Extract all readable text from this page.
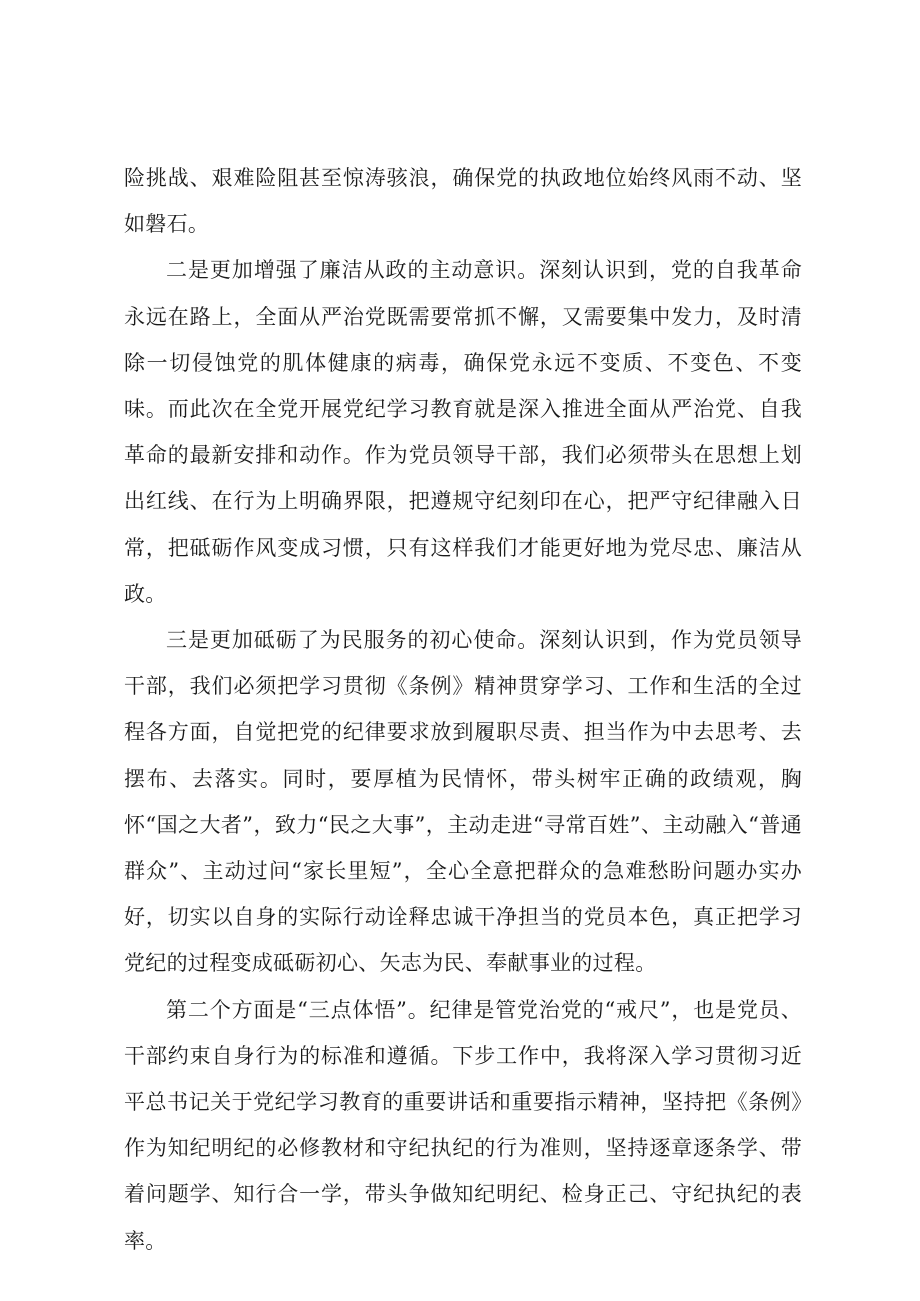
险挑战、艰难险阻甚至惊涛骇浪，确保党的执政地位始终风雨不动、坚如磐石。

二是更加增强了廉洁从政的主动意识。深刻认识到，党的自我革命永远在路上，全面从严治党既需要常抓不懈，又需要集中发力，及时清除一切侵蚀党的肌体健康的病毒，确保党永远不变质、不变色、不变味。而此次在全党开展党纪学习教育就是深入推进全面从严治党、自我革命的最新安排和动作。作为党员领导干部，我们必须带头在思想上划出红线、在行为上明确界限，把遵规守纪刻印在心，把严守纪律融入日常，把砥砺作风变成习惯，只有这样我们才能更好地为党尽忠、廉洁从政。

三是更加砥砺了为民服务的初心使命。深刻认识到，作为党员领导干部，我们必须把学习贯彻《条例》精神贯穿学习、工作和生活的全过程各方面，自觉把党的纪律要求放到履职尽责、担当作为中去思考、去摆布、去落实。同时，要厚植为民情怀，带头树牢正确的政绩观，胸怀“国之大者”，致力“民之大事”，主动走进“寻常百姓”、主动融入“普通群众”、主动过问“家长里短”，全心全意把群众的急难愁盼问题办实办好，切实以自身的实际行动诠释忠诚干净担当的党员本色，真正把学习党纪的过程变成砥砺初心、矢志为民、奉献事业的过程。

第二个方面是“三点体悟”。纪律是管党治党的“戒尺”，也是党员、干部约束自身行为的标准和遵循。下步工作中，我将深入学习贯彻习近平总书记关于党纪学习教育的重要讲话和重要指示精神，坚持把《条例》作为知纪明纪的必修教材和守纪执纪的行为准则，坚持逐章逐条学、带着问题学、知行合一学，带头争做知纪明纪、检身正己、守纪执纪的表率。
